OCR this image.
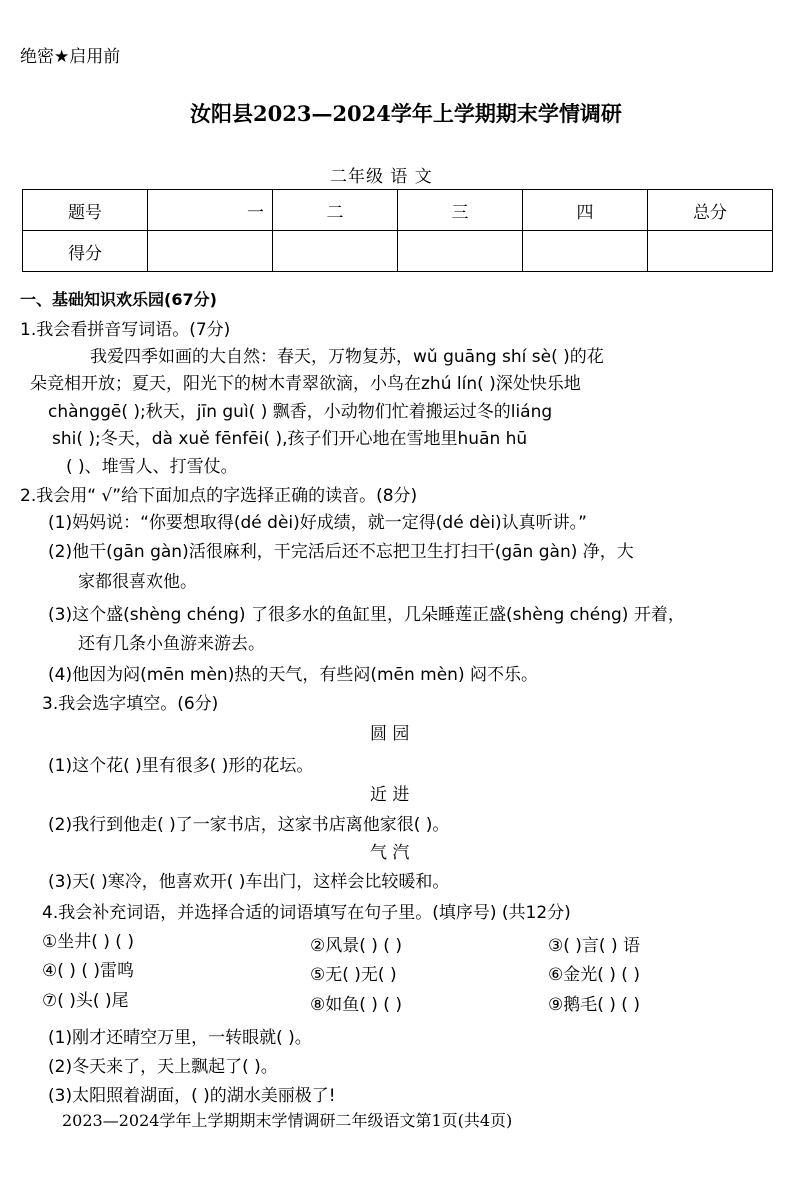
绝密★启用前
汝阳县2023—2024学年上学期期末学情调研
二年级 语 文
题号	一	二	三	四	总分
得分					
一、基础知识欢乐园(67分)
1.我会看拼音写词语。(7分)
我爱四季如画的大自然：春天，万物复苏，wǔ guāng shí sè( )的花
朵竞相开放；夏天，阳光下的树木青翠欲滴，小鸟在zhú lín( )深处快乐地
chànggē( );秋天，jīn guì( ) 飘香，小动物们忙着搬运过冬的liáng
shi( );冬天，dà xuě fēnfēi( ),孩子们开心地在雪地里huān hū
( )、堆雪人、打雪仗。
2.我会用“ √”给下面加点的字选择正确的读音。(8分)
(1)妈妈说：“你要想取得(dé dèi)好成绩，就一定得(dé dèi)认真听讲。”
(2)他干(gān gàn)活很麻利，干完活后还不忘把卫生打扫干(gān gàn) 净，大
家都很喜欢他。
(3)这个盛(shèng chéng) 了很多水的鱼缸里，几朵睡莲正盛(shèng chéng) 开着，
还有几条小鱼游来游去。
(4)他因为闷(mēn mèn)热的天气，有些闷(mēn mèn) 闷不乐。
3.我会选字填空。(6分)
圆 园
(1)这个花( )里有很多( )形的花坛。
近 进
(2)我行到他走( )了一家书店，这家书店离他家很( )。
气 汽
(3)天( )寒冷，他喜欢开( )车出门，这样会比较暖和。
4.我会补充词语，并选择合适的词语填写在句子里。(填序号) (共12分)
①坐井( ) ( )	②风景( ) ( )	③( )言( ) 语
④( ) ( )雷鸣	⑤无( )无( )	⑥金光( ) ( )
⑦( )头( )尾	⑧如鱼( ) ( )	⑨鹅毛( ) ( )
(1)刚才还晴空万里，一转眼就( )。
(2)冬天来了，天上飘起了( )。
(3)太阳照着湖面，( )的湖水美丽极了!
2023—2024学年上学期期末学情调研二年级语文第1页(共4页)
